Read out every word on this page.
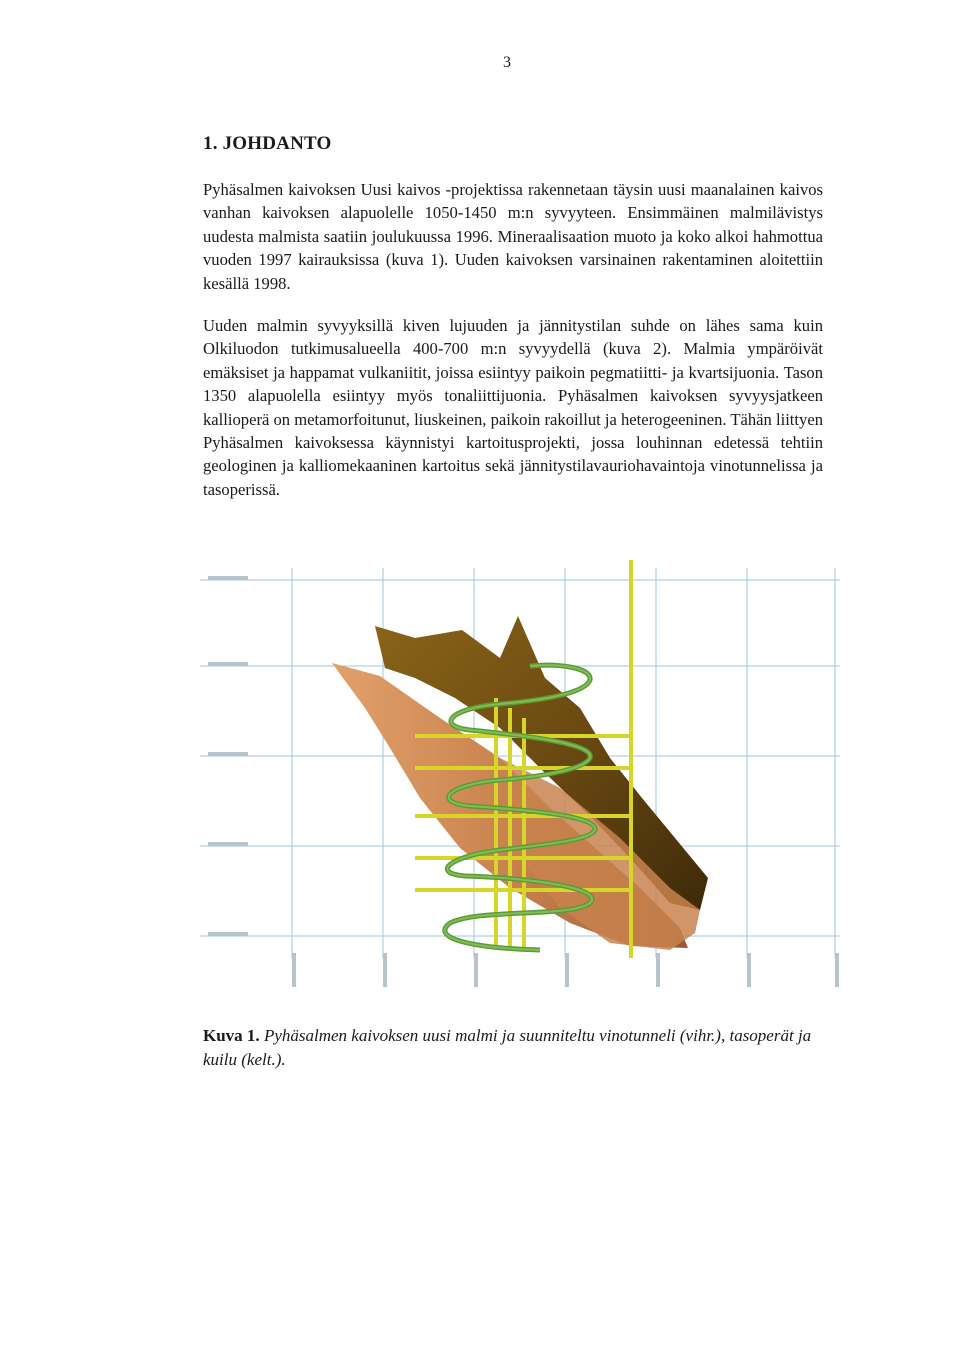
3
1. JOHDANTO

Pyhäsalmen kaivoksen Uusi kaivos -projektissa rakennetaan täysin uusi maanalainen kaivos vanhan kaivoksen alapuolelle 1050-1450 m:n syvyyteen. Ensimmäinen malmilävistys uudesta malmista saatiin joulukuussa 1996. Mineraalisaation muoto ja koko alkoi hahmottua vuoden 1997 kairauksissa (kuva 1). Uuden kaivoksen varsinainen rakentaminen aloitettiin kesällä 1998.

Uuden malmin syvyyksillä kiven lujuuden ja jännitystilan suhde on lähes sama kuin Olkiluodon tutkimusalueella 400-700 m:n syvyydellä (kuva 2). Malmia ympäröivät emäksiset ja happamat vulkaniitit, joissa esiintyy paikoin pegmatiitti- ja kvartsijuonia. Tason 1350 alapuolella esiintyy myös tonaliittijuonia. Pyhäsalmen kaivoksen syvyysjatkeen kallioperä on metamorfoitunut, liuskeinen, paikoin rakoillut ja heterogeeninen. Tähän liittyen Pyhäsalmen kaivoksessa käynnistyi kartoitusprojekti, jossa louhinnan edetessä tehtiin geologinen ja kalliomekaaninen kartoitus sekä jännitystilavauriohavaintoja vinotunnelissa ja tasoperissä.

Kuva 1. Pyhäsalmen kaivoksen uusi malmi ja suunniteltu vinotunneli (vihr.), tasoperät ja kuilu (kelt.).
